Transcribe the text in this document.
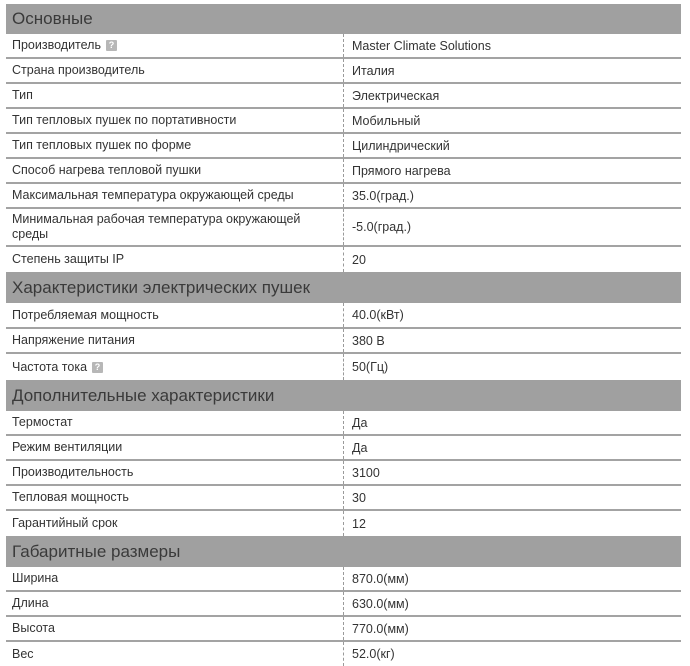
Основные
Производитель ?	Master Climate Solutions
Страна производитель	Италия
Тип	Электрическая
Тип тепловых пушек по портативности	Мобильный
Тип тепловых пушек по форме	Цилиндрический
Способ нагрева тепловой пушки	Прямого нагрева
Максимальная температура окружающей среды	35.0(град.)
Минимальная рабочая температура окружающей среды	-5.0(град.)
Степень защиты IP	20
Характеристики электрических пушек
Потребляемая мощность	40.0(кВт)
Напряжение питания	380 В
Частота тока ?	50(Гц)
Дополнительные характеристики
Термостат	Да
Режим вентиляции	Да
Производительность	3100
Тепловая мощность	30
Гарантийный срок	12
Габаритные размеры
Ширина	870.0(мм)
Длина	630.0(мм)
Высота	770.0(мм)
Вес	52.0(кг)
